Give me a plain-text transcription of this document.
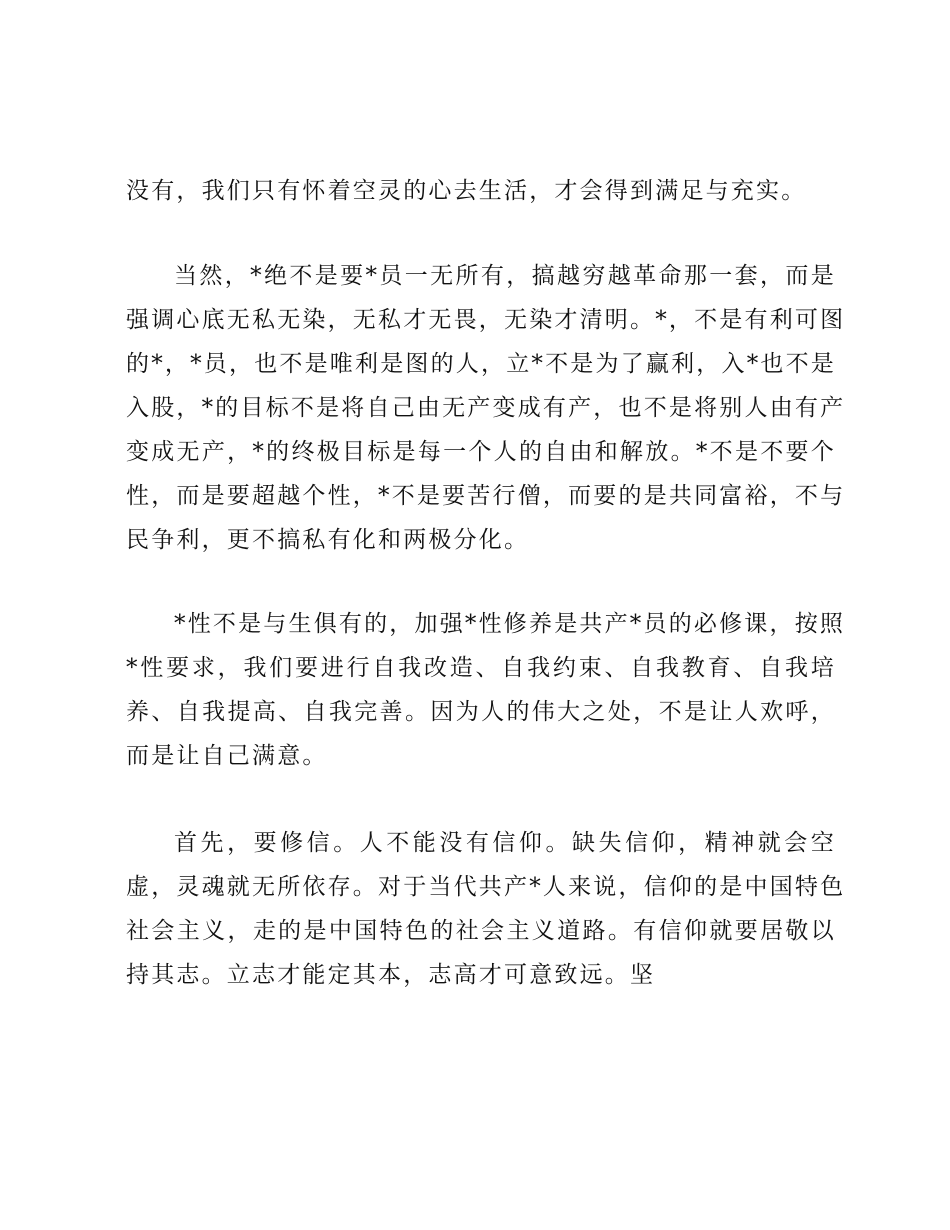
没有，我们只有怀着空灵的心去生活，才会得到满足与充实。
当然，*绝不是要*员一无所有，搞越穷越革命那一套，而是
强调心底无私无染，无私才无畏，无染才清明。*，不是有利可图
的*，*员，也不是唯利是图的人，立*不是为了赢利，入*也不是
入股，*的目标不是将自己由无产变成有产，也不是将别人由有产
变成无产，*的终极目标是每一个人的自由和解放。*不是不要个
性，而是要超越个性，*不是要苦行僧，而要的是共同富裕，不与
民争利，更不搞私有化和两极分化。
*性不是与生俱有的，加强*性修养是共产*员的必修课，按照
*性要求，我们要进行自我改造、自我约束、自我教育、自我培
养、自我提高、自我完善。因为人的伟大之处，不是让人欢呼，
而是让自己满意。
首先，要修信。人不能没有信仰。缺失信仰，精神就会空
虚，灵魂就无所依存。对于当代共产*人来说，信仰的是中国特色
社会主义，走的是中国特色的社会主义道路。有信仰就要居敬以
持其志。立志才能定其本，志高才可意致远。坚
